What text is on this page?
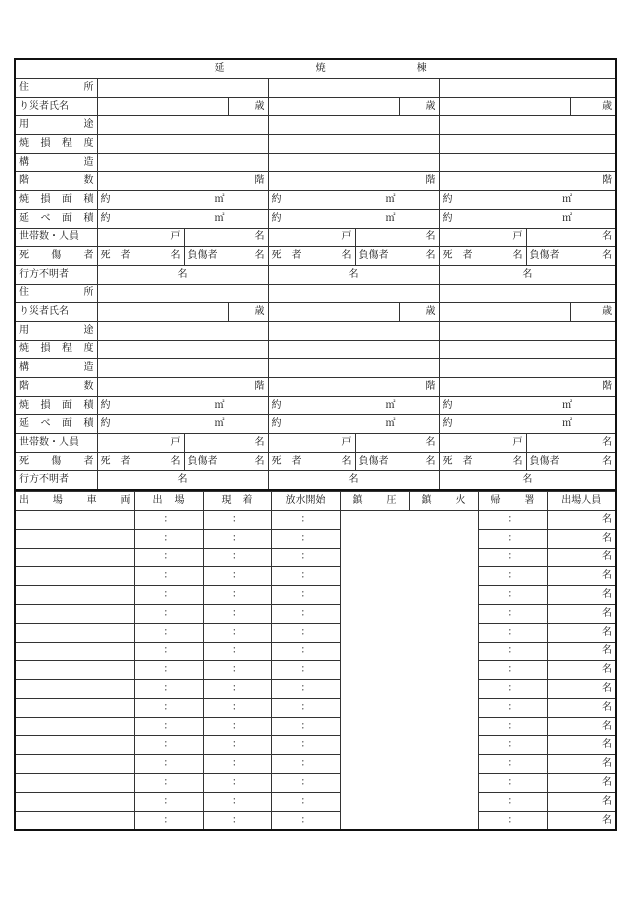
延 焼 棟									

住 所									

り災者氏名			歳			歳			歳

用 途									

焼 損 程 度									

構 造									

階 数	階			階			階		

焼 損 面 積	約 ㎡			約 ㎡			約 ㎡		

延 べ 面 積	約 ㎡			約 ㎡			約 ㎡		

世帯数・人員	戸	名		戸	名		戸	名	

死 傷 者	死　者 名	負傷者 名		死　者 名	負傷者 名		死　者 名	負傷者 名	

行方不明者	名			名			名		

住 所									

り災者氏名			歳			歳			歳

用 途									

焼 損 程 度									

構 造									

階 数	階			階			階		

焼 損 面 積	約 ㎡			約 ㎡			約 ㎡		

延 べ 面 積	約 ㎡			約 ㎡			約 ㎡		

世帯数・人員	戸	名		戸	名		戸	名	

死 傷 者	死　者 名	負傷者 名		死　者 名	負傷者 名		死　者 名	負傷者 名	

行方不明者	名			名			名		
出 場 車 両	出 場	現 着	放水開始	鎮 圧	鎮 火	帰 署	出場人員
	：	：	：			：	名
	：	：	：			：	名
	：	：	：			：	名
	：	：	：			：	名
	：	：	：			：	名
	：	：	：			：	名
	：	：	：			：	名
	：	：	：			：	名
	：	：	：			：	名
	：	：	：			：	名
	：	：	：			：	名
	：	：	：			：	名
	：	：	：			：	名
	：	：	：			：	名
	：	：	：			：	名
	：	：	：			：	名
	：	：	：			：	名
